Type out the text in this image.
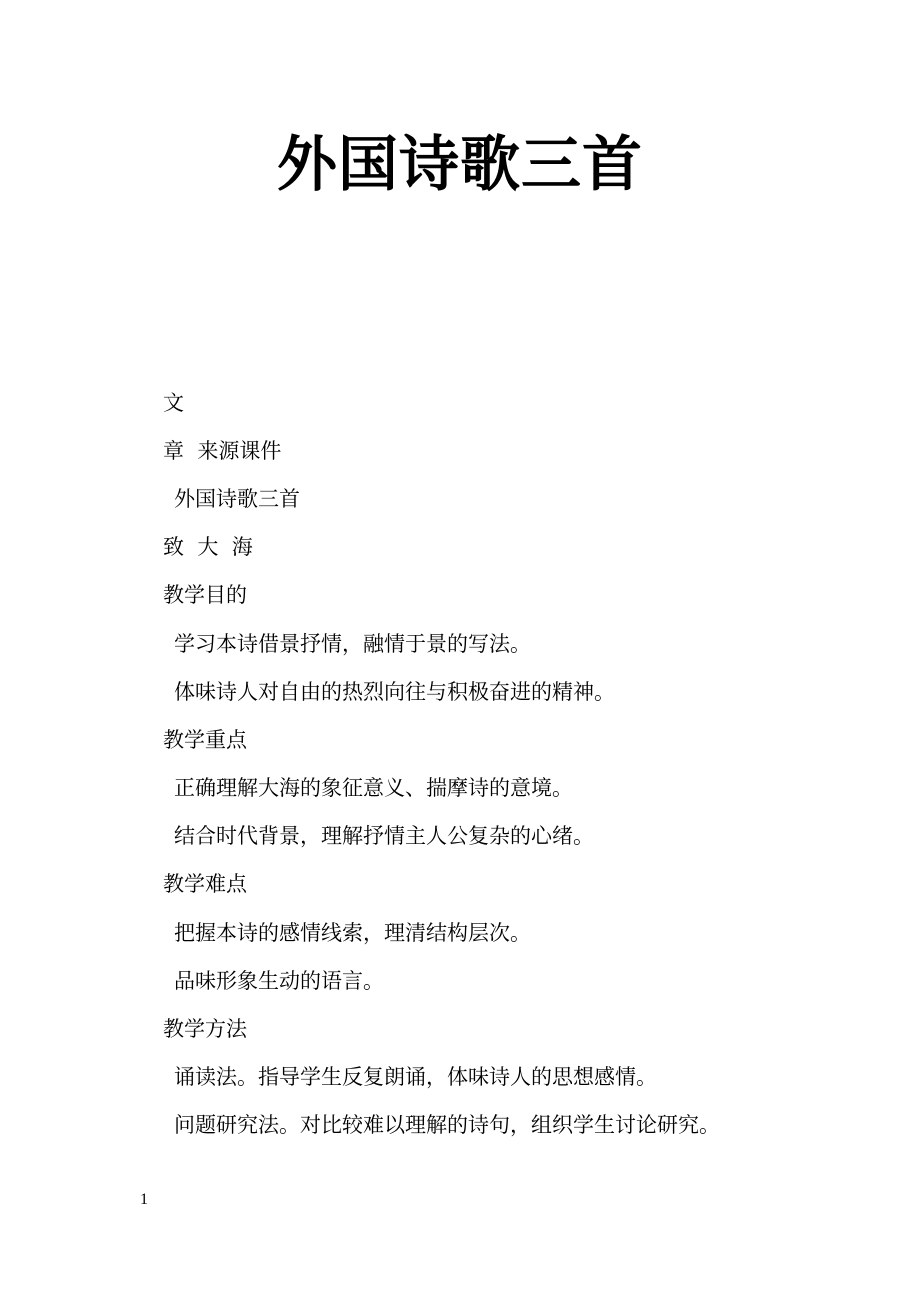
外国诗歌三首
文
章  来源课件
外国诗歌三首
致  大  海
教学目的
学习本诗借景抒情，融情于景的写法。
体味诗人对自由的热烈向往与积极奋进的精神。
教学重点
正确理解大海的象征意义、揣摩诗的意境。
结合时代背景，理解抒情主人公复杂的心绪。
教学难点
把握本诗的感情线索，理清结构层次。
品味形象生动的语言。
教学方法
诵读法。指导学生反复朗诵，体味诗人的思想感情。
问题研究法。对比较难以理解的诗句，组织学生讨论研究。
1
